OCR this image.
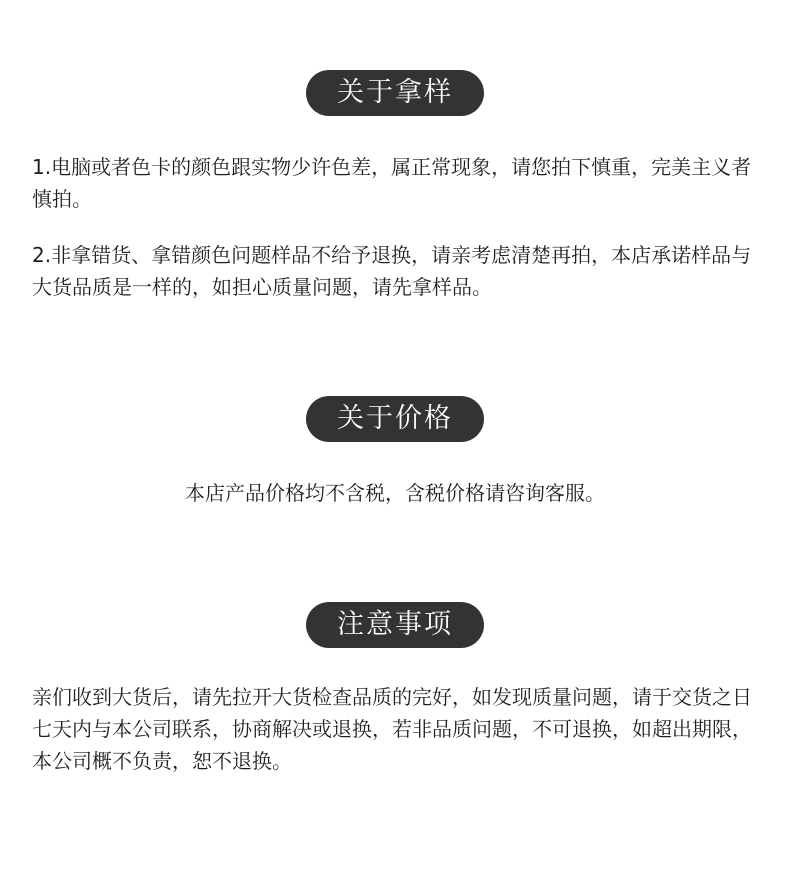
关于拿样

1.电脑或者色卡的颜色跟实物少许色差，属正常现象，请您拍下慎重，完美主义者慎拍。

2.非拿错货、拿错颜色问题样品不给予退换，请亲考虑清楚再拍，本店承诺样品与大货品质是一样的，如担心质量问题，请先拿样品。

关于价格

本店产品价格均不含税，含税价格请咨询客服。

注意事项

亲们收到大货后，请先拉开大货检查品质的完好，如发现质量问题，请于交货之日七天内与本公司联系，协商解决或退换，若非品质问题，不可退换，如超出期限，本公司概不负责，恕不退换。
